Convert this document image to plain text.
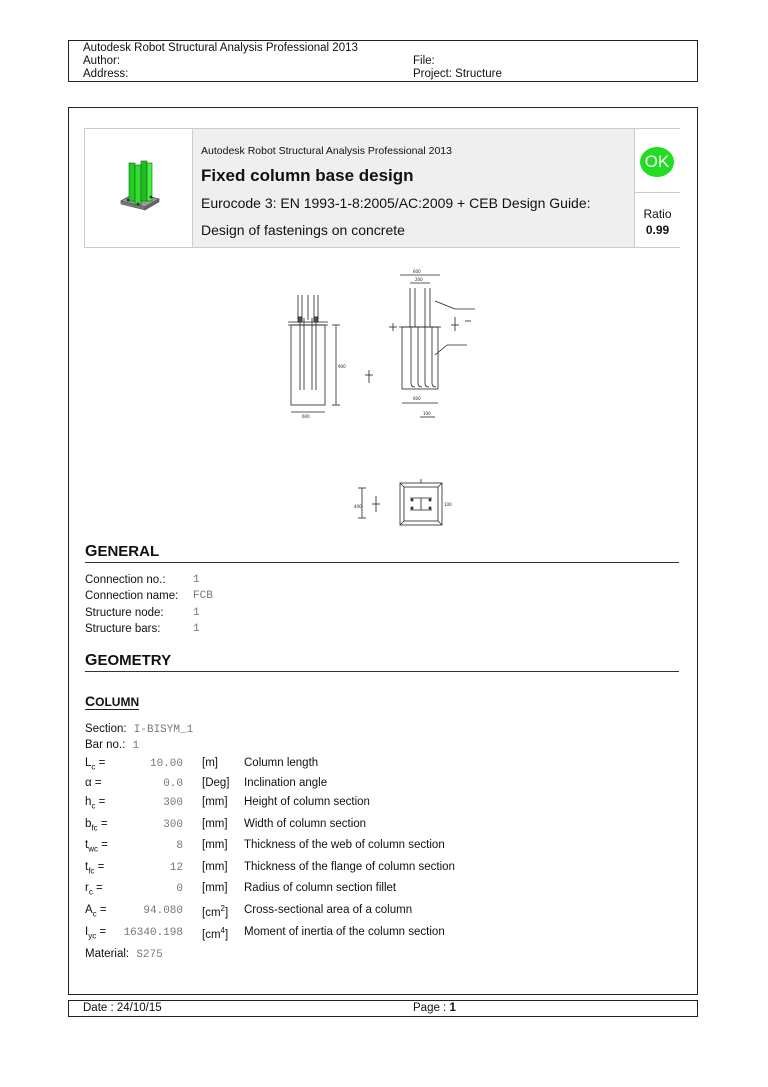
Autodesk Robot Structural Analysis Professional 2013
Author:
Address:
File:
Project: Structure
Autodesk Robot Structural Analysis Professional 2013
Fixed column base design
Eurocode 3: EN 1993-1-8:2005/AC:2009 + CEB Design Guide:
Design of fastenings on concrete
OK
Ratio
0.99
600
900
600
200
600
100
400	100
GENERAL
Connection no.: 1
Connection name: FCB
Structure node:	1
Structure bars:	1
GEOMETRY
COLUMN
Section: I-BISYM_1
Bar no.: 1
$L_c$ =	10.00 [m] Column length
α =	0.0 [Deg] Inclination angle
$h_c$ =	300 [mm] Height of column section
$b_{fc}$ =	300 [mm] Width of column section
$t_{wc}$ =	8 [mm] Thickness of the web of column section
$t_{fc}$ =	12 [mm] Thickness of the flange of column section
$r_c$ =	0 [mm] Radius of column section fillet
$A_c$ =	94.080 $[cm^2]$ Cross-sectional area of a column
$I_{yc}$ =	16340.198 $[cm^4]$ Moment of inertia of the column section
Material: S275
Date : 24/10/15	Page : 1
